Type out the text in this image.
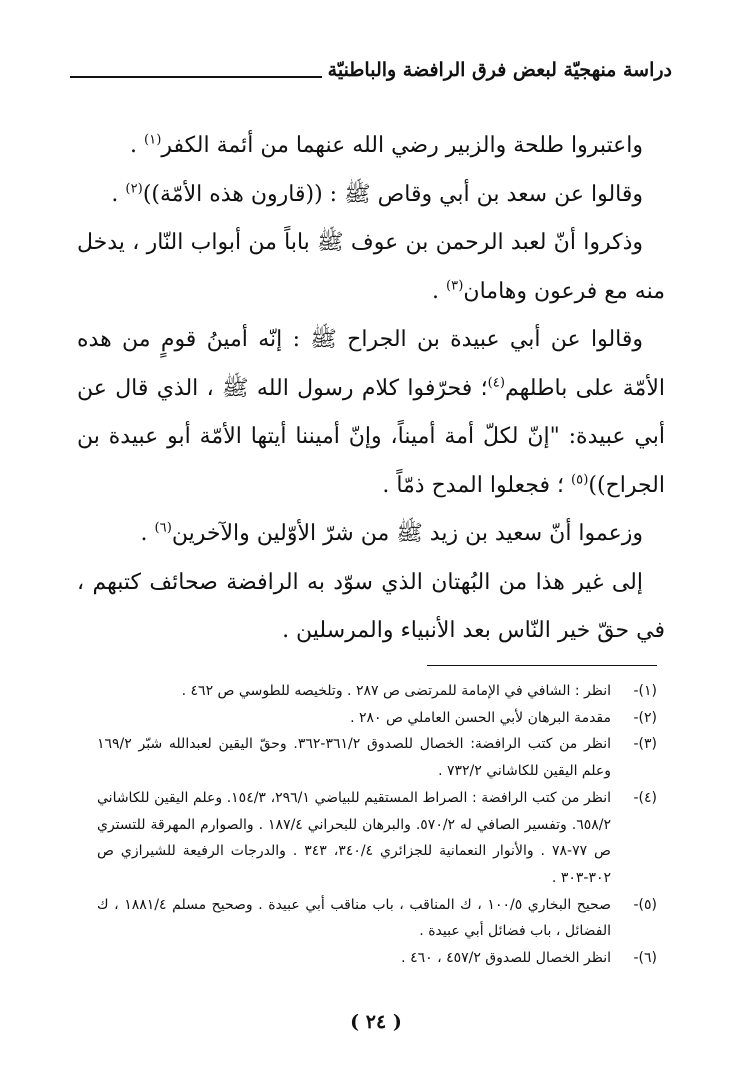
دراسة منهجيّة لبعض فرق الرافضة والباطنيّة

واعتبروا طلحة والزبير رضي الله عنهما من أئمة الكفر$^{(١)}$ .

وقالوا عن سعد بن أبي وقاص ﷺ : ((قارون هذه الأمّة))$^{(٢)}$ .

وذكروا أنّ لعبد الرحمن بن عوف ﷺ باباً من أبواب النّار ، يدخل منه مع فرعون وهامان$^{(٣)}$ .

وقالوا عن أبي عبيدة بن الجراح ﷺ : إنّه أمينُ قومٍ من هده الأمّة على باطلهم$^{(٤)}$؛ فحرّفوا كلام رسول الله ﷺ ، الذي قال عن أبي عبيدة: "إنّ لكلّ أمة أميناً، وإنّ أميننا أيتها الأمّة أبو عبيدة بن الجراح))$^{(٥)}$ ؛ فجعلوا المدح ذمّاً .

وزعموا أنّ سعيد بن زيد ﷺ من شرّ الأوّلين والآخرين$^{(٦)}$ .

إلى غير هذا من البُهتان الذي سوّد به الرافضة صحائف كتبهم ، في حقّ خير النّاس بعد الأنبياء والمرسلين .

(١)-
انظر : الشافي في الإمامة للمرتضى ص ٢٨٧ . وتلخيصه للطوسي ص ٤٦٢ .
(٢)-
مقدمة البرهان لأبي الحسن العاملي ص ٢٨٠ .
(٣)-
انظر من كتب الرافضة: الخصال للصدوق ٣٦١/٢-٣٦٢. وحقّ اليقين لعبدالله شبّر ١٦٩/٢ وعلم اليقين للكاشاني ٧٣٢/٢ .
(٤)-
انظر من كتب الرافضة : الصراط المستقيم للبياضي ٢٩٦/١، ١٥٤/٣. وعلم اليقين للكاشاني ٦٥٨/٢. وتفسير الصافي له ٥٧٠/٢. والبرهان للبحراني ١٨٧/٤ . والصوارم المهرقة للتستري ص ٧٧-٧٨ . والأنوار النعمانية للجزائري ٣٤٠/٤، ٣٤٣ . والدرجات الرفيعة للشيرازي ص ٣٠٢-٣٠٣ .
(٥)-
صحيح البخاري ١٠٠/٥ ، ك المناقب ، باب مناقب أبي عبيدة . وصحيح مسلم ١٨٨١/٤ ، ك الفضائل ، باب فضائل أبي عبيدة .
(٦)-
انظر الخصال للصدوق ٤٥٧/٢ ، ٤٦٠ .
( ٢٤ )
